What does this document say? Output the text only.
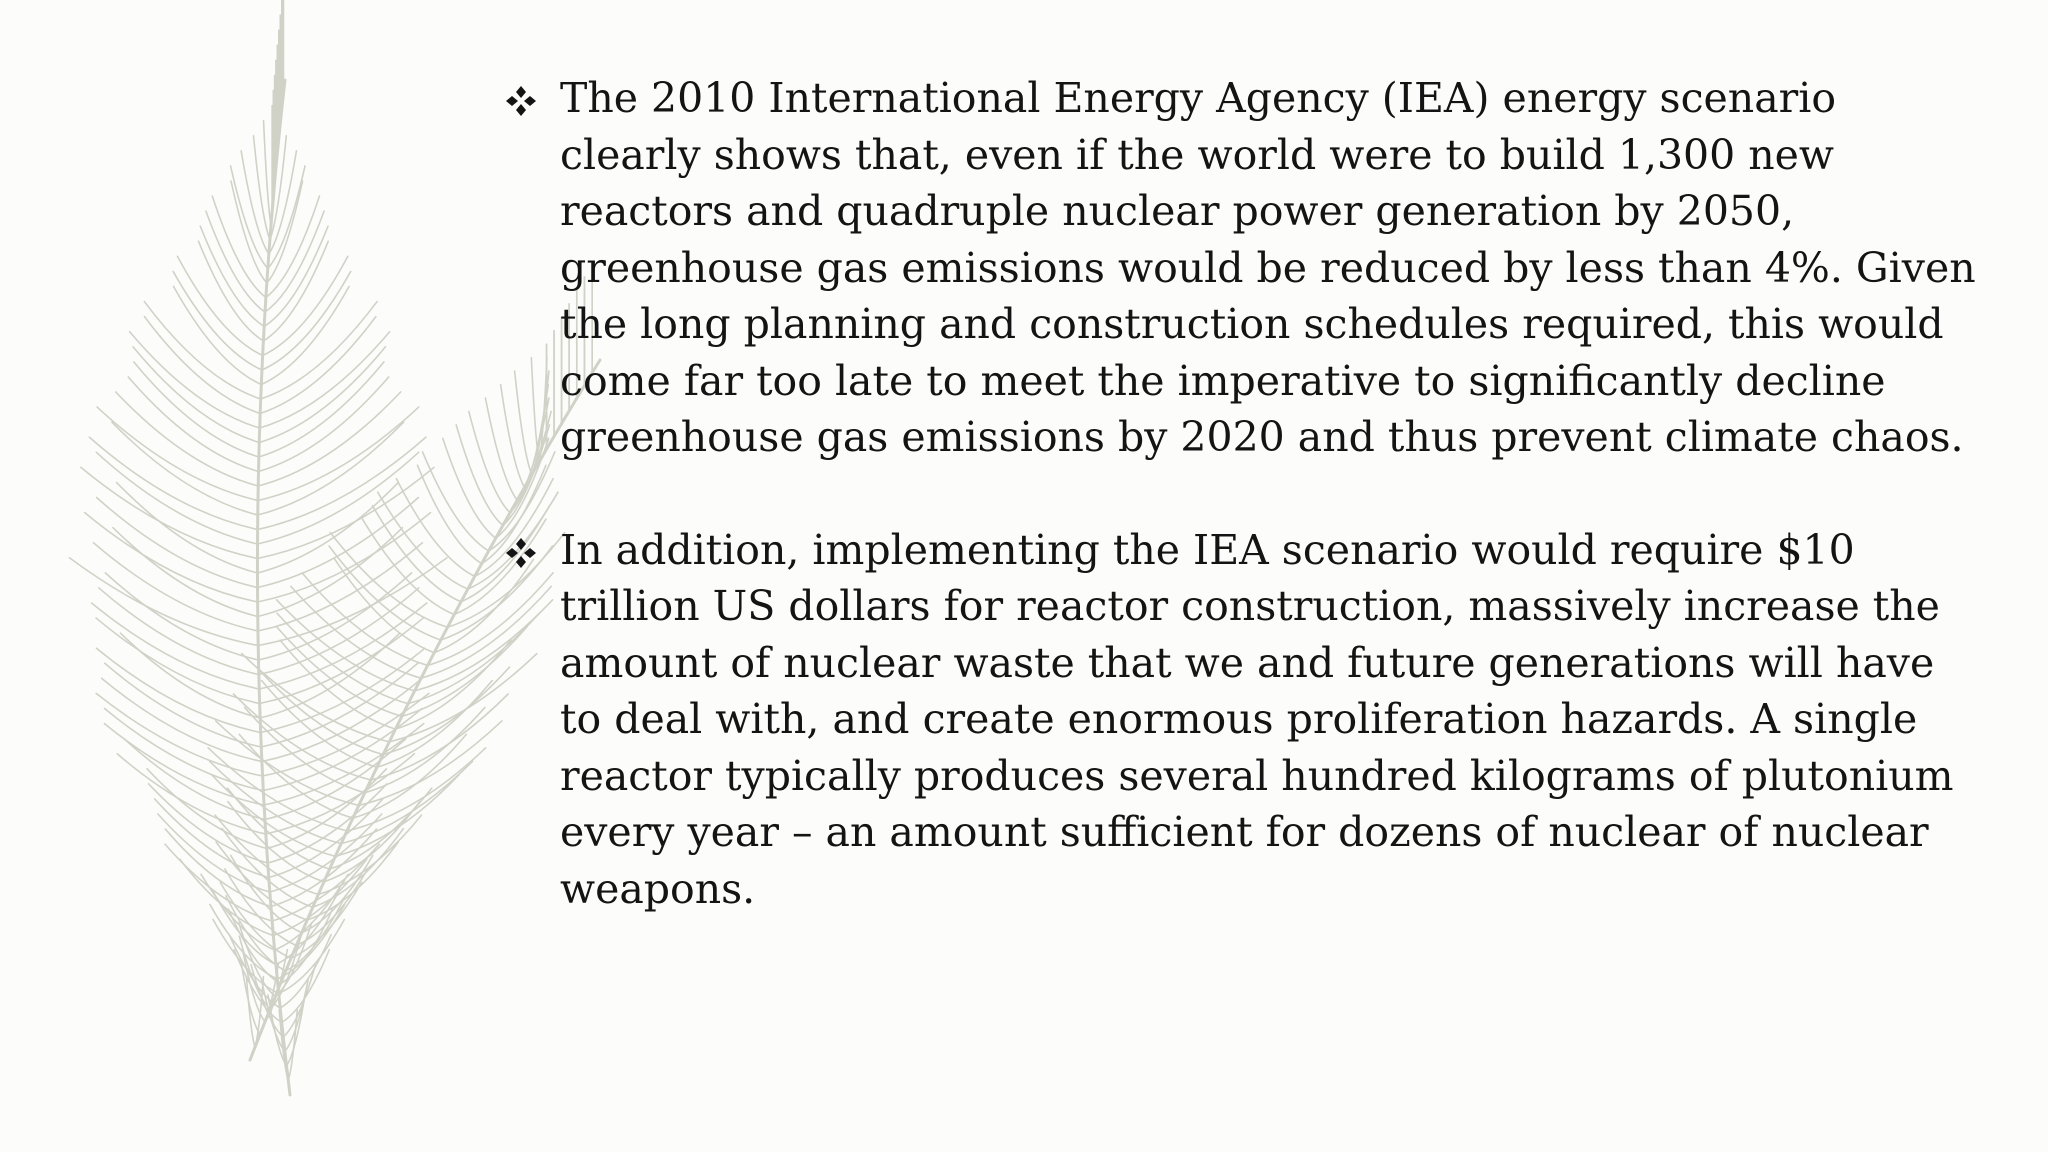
The 2010 International Energy Agency (IEA) energy scenario clearly shows that, even if the world were to build 1,300 new reactors and quadruple nuclear power generation by 2050, greenhouse gas emissions would be reduced by less than 4%. Given the long planning and construction schedules required, this would come far too late to meet the imperative to significantly decline greenhouse gas emissions by 2020 and thus prevent climate chaos.
In addition, implementing the IEA scenario would require $10 trillion US dollars for reactor construction, massively increase the amount of nuclear waste that we and future generations will have to deal with, and create enormous proliferation hazards. A single reactor typically produces several hundred kilograms of plutonium every year – an amount sufficient for dozens of nuclear of nuclear weapons.
